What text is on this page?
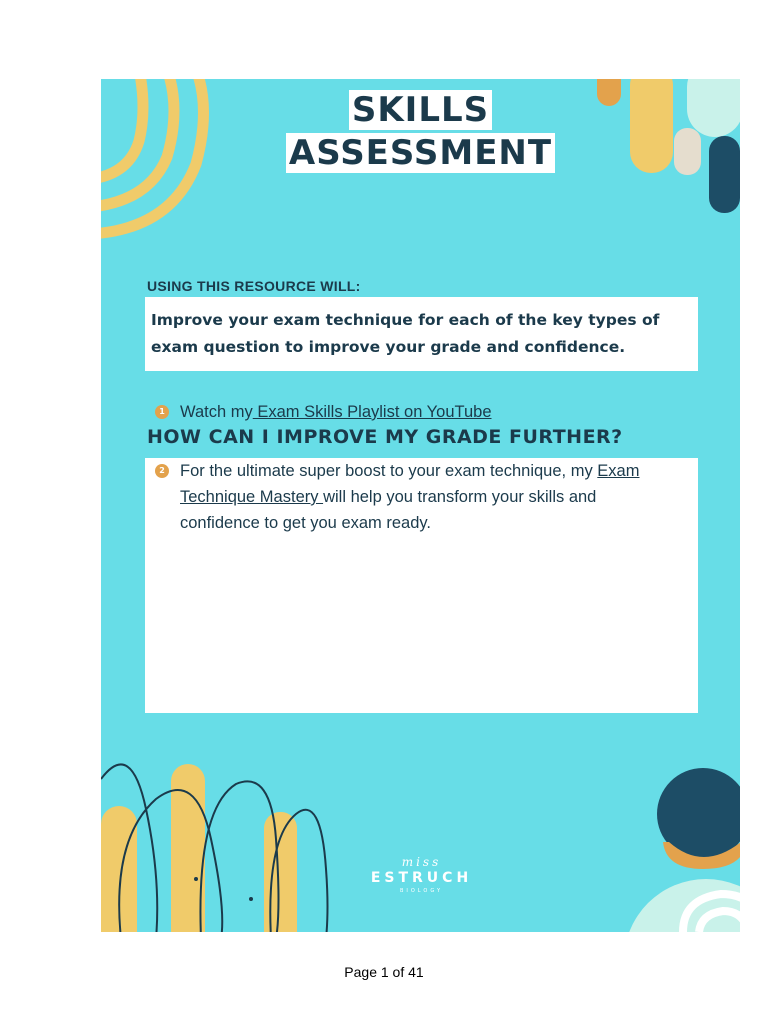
SKILLS
ASSESSMENT
USING THIS RESOURCE WILL:

Improve your exam technique for each of the key types of exam question to improve your grade and confidence.

HOW CAN I IMPROVE MY GRADE FURTHER?
miss
ESTRUCH
BIOLOGY
1 Watch my Exam Skills Playlist on YouTube
2 For the ultimate super boost to your exam technique, my Exam Technique Mastery will help you transform your skills and confidence to get you exam ready.
Page 1 of 41
